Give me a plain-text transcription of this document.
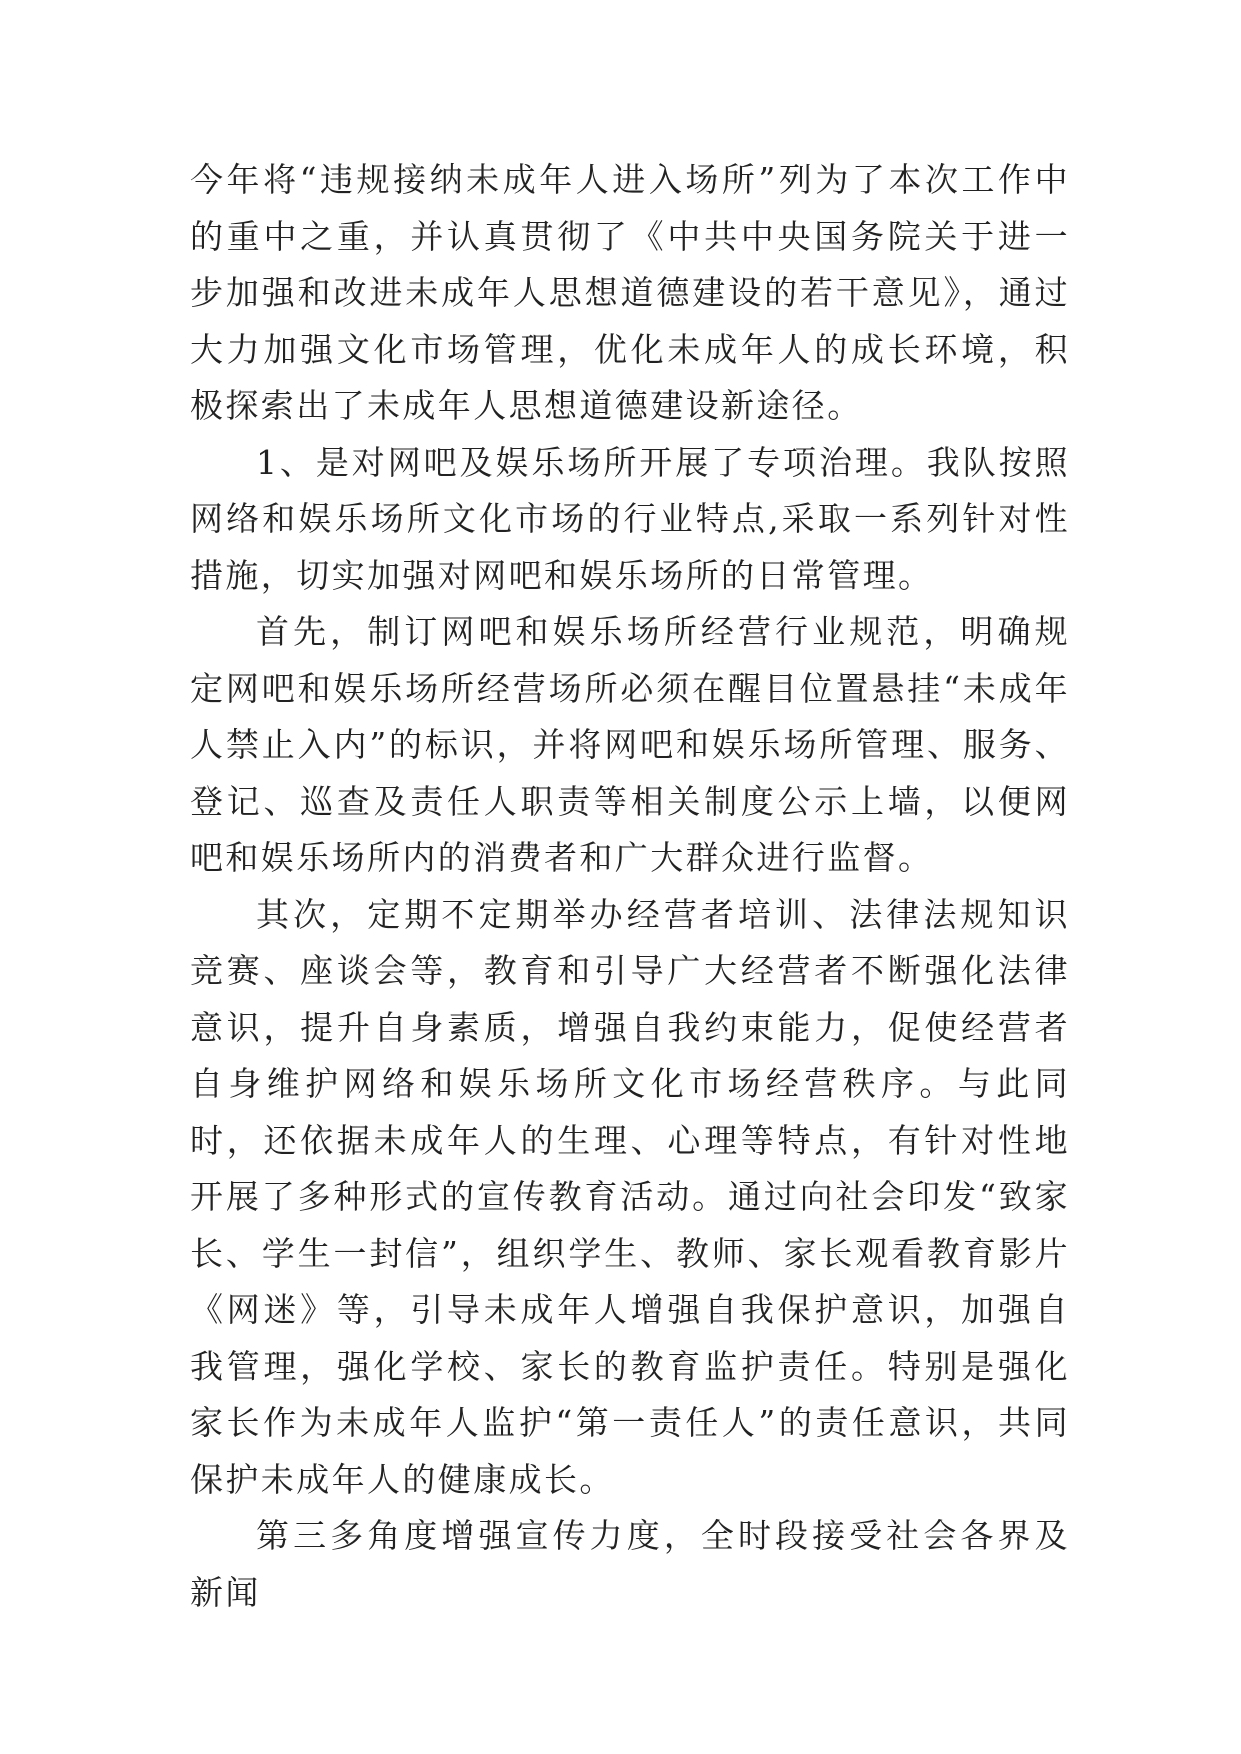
今年将“违规接纳未成年人进入场所”列为了本次工作中的重中之重，并认真贯彻了《中共中央国务院关于进一步加强和改进未成年人思想道德建设的若干意见》，通过大力加强文化市场管理，优化未成年人的成长环境，积极探索出了未成年人思想道德建设新途径。

1、是对网吧及娱乐场所开展了专项治理。我队按照网络和娱乐场所文化市场的行业特点,采取一系列针对性措施，切实加强对网吧和娱乐场所的日常管理。

首先，制订网吧和娱乐场所经营行业规范，明确规定网吧和娱乐场所经营场所必须在醒目位置悬挂“未成年人禁止入内”的标识，并将网吧和娱乐场所管理、服务、登记、巡查及责任人职责等相关制度公示上墙，以便网吧和娱乐场所内的消费者和广大群众进行监督。

其次，定期不定期举办经营者培训、法律法规知识竞赛、座谈会等，教育和引导广大经营者不断强化法律意识，提升自身素质，增强自我约束能力，促使经营者自身维护网络和娱乐场所文化市场经营秩序。与此同时，还依据未成年人的生理、心理等特点，有针对性地开展了多种形式的宣传教育活动。通过向社会印发“致家长、学生一封信”，组织学生、教师、家长观看教育影片《网迷》等，引导未成年人增强自我保护意识，加强自我管理，强化学校、家长的教育监护责任。特别是强化家长作为未成年人监护“第一责任人”的责任意识，共同保护未成年人的健康成长。

第三多角度增强宣传力度，全时段接受社会各界及新闻
